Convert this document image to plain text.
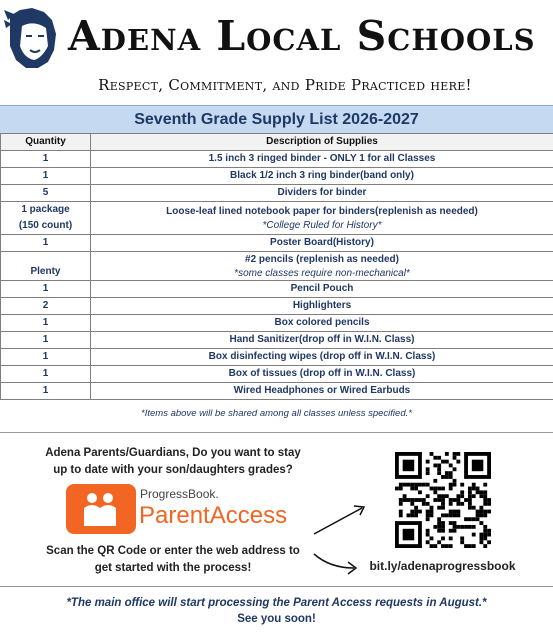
Adena Local Schools
Respect, Commitment, and Pride Practiced here!
Seventh Grade Supply List 2026-2027
Quantity	Description of Supplies

1	1.5 inch 3 ringed binder - ONLY 1 for all Classes

1	Black 1/2 inch 3 ring binder(band only)

5	Dividers for binder

1 package
(150 count)	Loose-leaf lined notebook paper for binders(replenish as needed)
*College Ruled for History*

1	Poster Board(History)

Plenty	#2 pencils (replenish as needed)
*some classes require non-mechanical*

1	Pencil Pouch

2	Highlighters

1	Box colored pencils

1	Hand Sanitizer(drop off in W.I.N. Class)

1	Box disinfecting wipes (drop off in W.I.N. Class)

1	Box of tissues (drop off in W.I.N. Class)

1	Wired Headphones or Wired Earbuds
*Items above will be shared among all classes unless specified.*
Adena Parents/Guardians, Do you want to stay
up to date with your son/daughters grades?
ProgressBook.
ParentAccess
Scan the QR Code or enter the web address to
get started with the process!	bit.ly/adenaprogressbook
*The main office will start processing the Parent Access requests in August.*
See you soon!
